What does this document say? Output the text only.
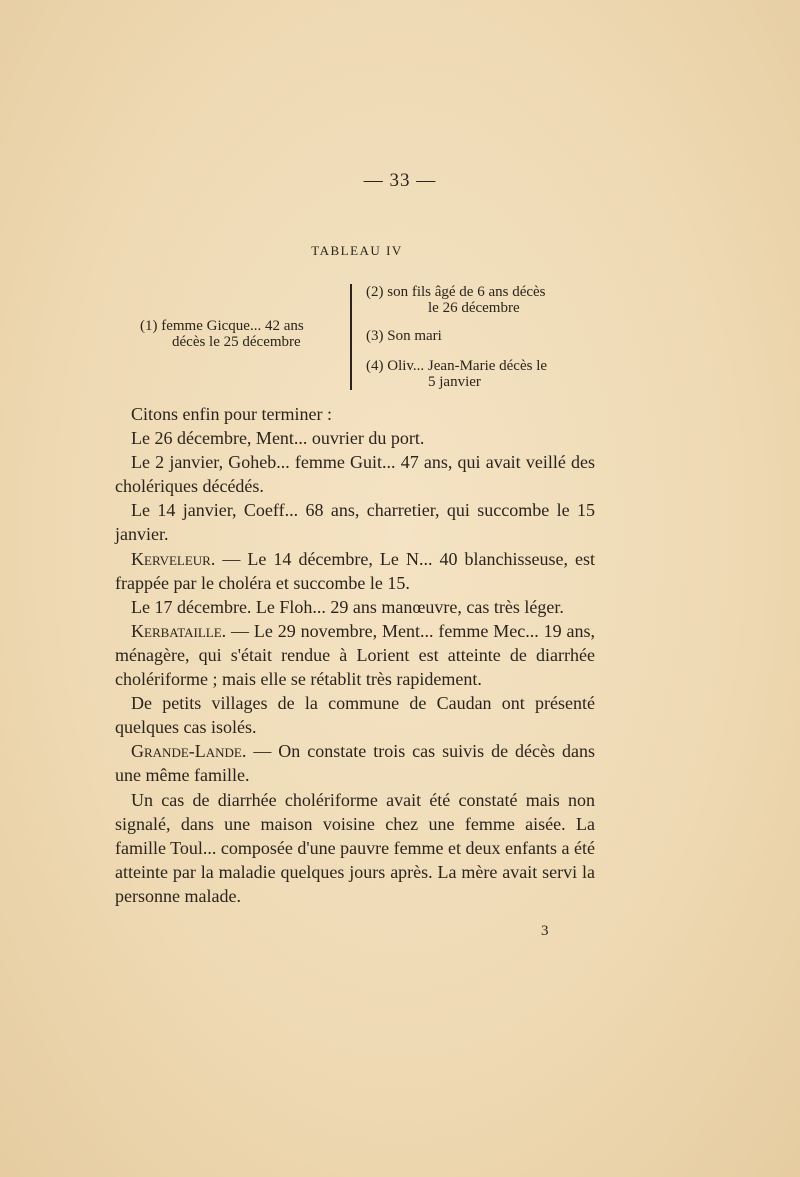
— 33 —
TABLEAU IV
(1) femme Gicque... 42 ans
décès le 25 décembre
(2) son fils âgé de 6 ans décès
le 26 décembre
(3) Son mari
(4) Oliv... Jean-Marie décès le
5 janvier

Citons enfin pour terminer :

Le 26 décembre, Ment... ouvrier du port.

Le 2 janvier, Goheb... femme Guit... 47 ans, qui avait veillé des cholériques décédés.

Le 14 janvier, Coeff... 68 ans, charretier, qui succombe le 15 janvier.

Kerveleur. — Le 14 décembre, Le N... 40 blanchisseuse, est frappée par le choléra et succombe le 15.

Le 17 décembre. Le Floh... 29 ans manœuvre, cas très léger.

Kerbataille. — Le 29 novembre, Ment... femme Mec... 19 ans, ménagère, qui s'était rendue à Lorient est atteinte de diarrhée cholériforme ; mais elle se rétablit très rapidement.

De petits villages de la commune de Caudan ont présenté quelques cas isolés.

Grande-Lande. — On constate trois cas suivis de décès dans une même famille.

Un cas de diarrhée cholériforme avait été constaté mais non signalé, dans une maison voisine chez une femme aisée. La famille Toul... composée d'une pauvre femme et deux enfants a été atteinte par la maladie quelques jours après. La mère avait servi la personne malade.

3
